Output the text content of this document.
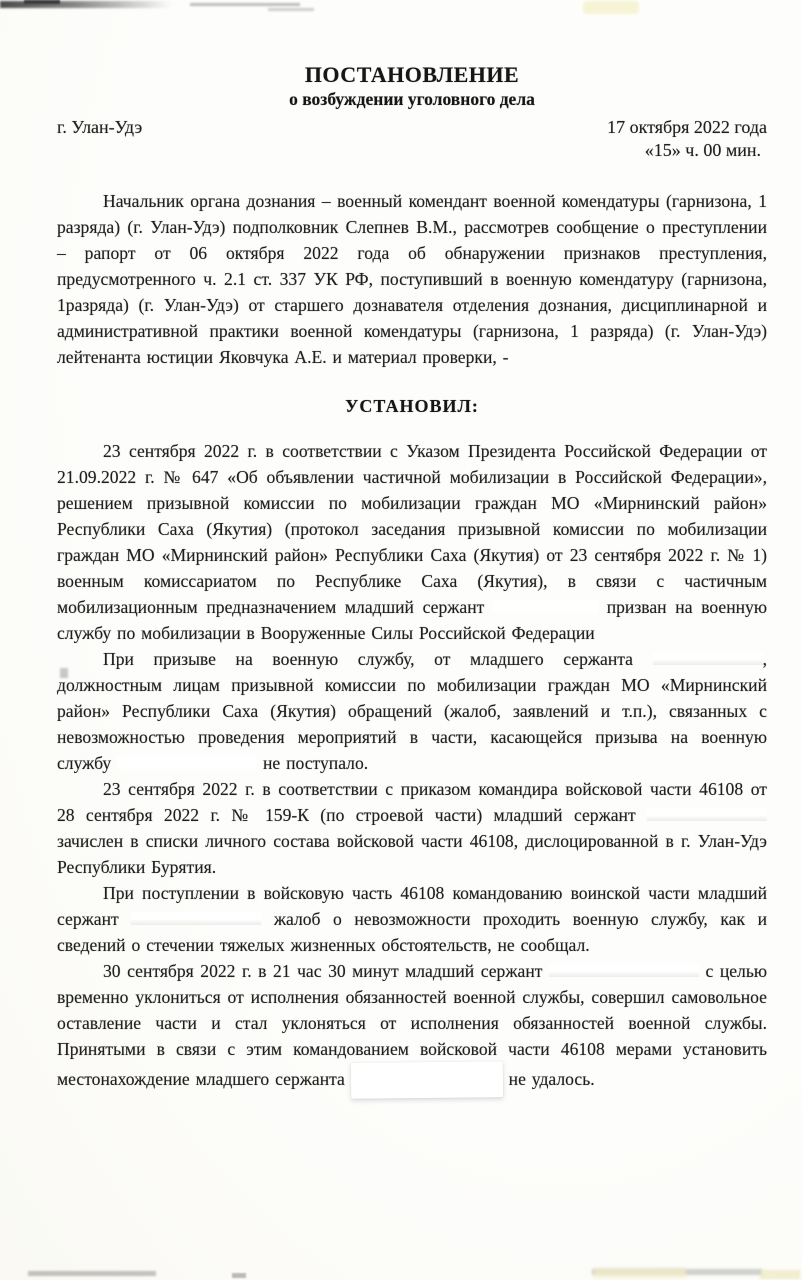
ПОСТАНОВЛЕНИЕ
о возбуждении уголовного дела
г. Улан-Удэ	17 октября 2022 года
«15» ч. 00 мин.

Начальник органа дознания – военный комендант военной комендатуры (гарнизона, 1 разряда) (г. Улан-Удэ) подполковник Слепнев В.М., рассмотрев сообщение о преступлении – рапорт от 06 октября 2022 года об обнаружении признаков преступления, предусмотренного ч. 2.1 ст. 337 УК РФ, поступивший в военную комендатуру (гарнизона, 1разряда) (г. Улан-Удэ) от старшего дознавателя отделения дознания, дисциплинарной и административной практики военной комендатуры (гарнизона, 1 разряда) (г. Улан-Удэ) лейтенанта юстиции Яковчука А.Е. и материал проверки, -

УСТАНОВИЛ:

23 сентября 2022 г. в соответствии с Указом Президента Российской Федерации от 21.09.2022 г. № 647 «Об объявлении частичной мобилизации в Российской Федерации», решением призывной комиссии по мобилизации граждан МО «Мирнинский район» Республики Саха (Якутия) (протокол заседания призывной комиссии по мобилизации граждан МО «Мирнинский район» Республики Саха (Якутия) от 23 сентября 2022 г. № 1) военным комиссариатом по Республике Саха (Якутия), в связи с частичным мобилизационным предназначением младший сержант	призван на военную службу по мобилизации в Вооруженные Силы Российской Федерации

При призыве на военную службу, от младшего сержанта	, должностным лицам призывной комиссии по мобилизации граждан МО «Мирнинский район» Республики Саха (Якутия) обращений (жалоб, заявлений и т.п.), связанных с невозможностью проведения мероприятий в части, касающейся призыва на военную службу	не поступало.

23 сентября 2022 г. в соответствии с приказом командира войсковой части 46108 от 28 сентября 2022 г. № 159-К (по строевой части) младший сержант  зачислен в списки личного состава войсковой части 46108, дислоцированной в г. Улан-Удэ Республики Бурятия.

При поступлении в войсковую часть 46108 командованию воинской части младший сержант	жалоб о невозможности проходить военную службу, как и сведений о стечении тяжелых жизненных обстоятельств, не сообщал.

30 сентября 2022 г. в 21 час 30 минут младший сержант	с целью временно уклониться от исполнения обязанностей военной службы, совершил самовольное оставление части и стал уклоняться от исполнения обязанностей военной службы. Принятыми в связи с этим командованием войсковой части 46108 мерами установить местонахождение младшего сержанта	не удалось.
